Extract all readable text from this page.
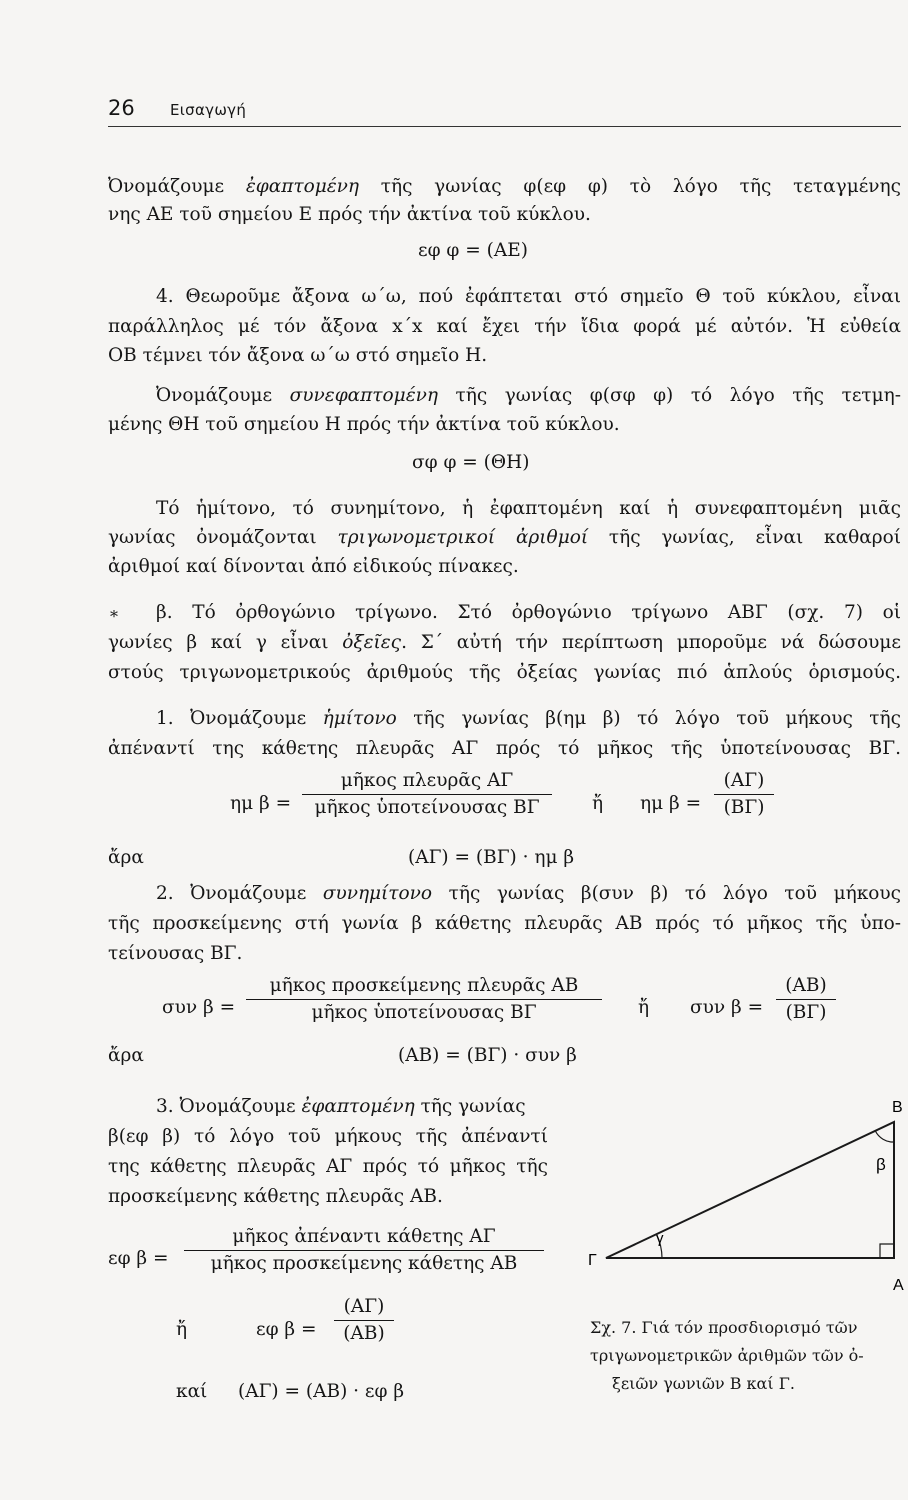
26 Εισαγωγή
Ὀνομάζουμε ἐφαπτομένη τῆς γωνίας φ(εφ φ) τὸ λόγο τῆς τεταγμένης
νης ΑΕ τοῦ σημείου Ε πρός τήν ἀκτίνα τοῦ κύκλου.
εφ φ = (ΑΕ)
4. Θεωροῦμε ἄξονα ω΄ω, πού ἐφάπτεται στό σημεῖο Θ τοῦ κύκλου, εἶναι
παράλληλος μέ τόν ἄξονα x΄x καί ἔχει τήν ἴδια φορά μέ αὐτόν. Ἡ εὐθεία
ΟΒ τέμνει τόν ἄξονα ω΄ω στό σημεῖο Η.
Ὀνομάζουμε συνεφαπτομένη τῆς γωνίας φ(σφ φ) τό λόγο τῆς τετμη-
μένης ΘΗ τοῦ σημείου Η πρός τήν ἀκτίνα τοῦ κύκλου.
σφ φ = (ΘΗ)
Τό ἡμίτονο, τό συνημίτονο, ἡ ἐφαπτομένη καί ἡ συνεφαπτομένη μιᾶς
γωνίας ὀνομάζονται τριγωνομετρικοί ἀριθμοί τῆς γωνίας, εἶναι καθαροί
ἀριθμοί καί δίνονται ἀπό εἰδικούς πίνακες.
* β. Τό ὀρθογώνιο τρίγωνο. Στό ὀρθογώνιο τρίγωνο ΑΒΓ (σχ. 7) οἱ
γωνίες β καί γ εἶναι ὀξεῖες. Σ΄ αὐτή τήν περίπτωση μποροῦμε νά δώσουμε
στούς τριγωνομετρικούς ἀριθμούς τῆς ὀξείας γωνίας πιό ἁπλούς ὁρισμούς.
1. Ὀνομάζουμε ἡμίτονο τῆς γωνίας β(ημ β) τό λόγο τοῦ μήκους τῆς
ἀπέναντί της κάθετης πλευρᾶς ΑΓ πρός τό μῆκος τῆς ὑποτείνουσας ΒΓ.
ημ β =
μῆκος πλευρᾶς ΑΓ
μῆκος ὑποτείνουσας ΒΓ	ἤ ημ $\beta = \frac{(A\Gamma)}{(B\Gamma)}$
ἄρα	(ΑΓ) = (ΒΓ) · ημ β
2. Ὀνομάζουμε συνημίτονο τῆς γωνίας β(συν β) τό λόγο τοῦ μήκους
τῆς προσκείμενης στή γωνία β κάθετης πλευρᾶς ΑΒ πρός τό μῆκος τῆς ὑπο-
τείνουσας ΒΓ.
συν β =
μῆκος προσκείμενης πλευρᾶς ΑΒ
μῆκος ὑποτείνουσας ΒΓ	ἤ συν $\beta = \frac{(AB)}{(B\Gamma)}$
ἄρα	(ΑΒ) = (ΒΓ) · συν β
3. Ὀνομάζουμε ἐφαπτομένη τῆς γωνίας
β(εφ β) τό λόγο τοῦ μήκους τῆς ἀπέναντί
της κάθετης πλευρᾶς ΑΓ πρός τό μῆκος τῆς
προσκείμενης κάθετης πλευρᾶς ΑΒ.
εφ β =
μῆκος ἀπέναντι κάθετης ΑΓ
μῆκος προσκείμενης κάθετης ΑΒ
ἤ	εφ $\beta = \frac{(A\Gamma)}{(AB)}$
καί (ΑΓ) = (ΑΒ) · εφ β
Β
Α
Γ
β
γ
Σχ. 7. Γιά τόν προσδιορισμό τῶν
τριγωνομετρικῶν ἀριθμῶν τῶν ὀ-
ξειῶν γωνιῶν Β καί Γ.
